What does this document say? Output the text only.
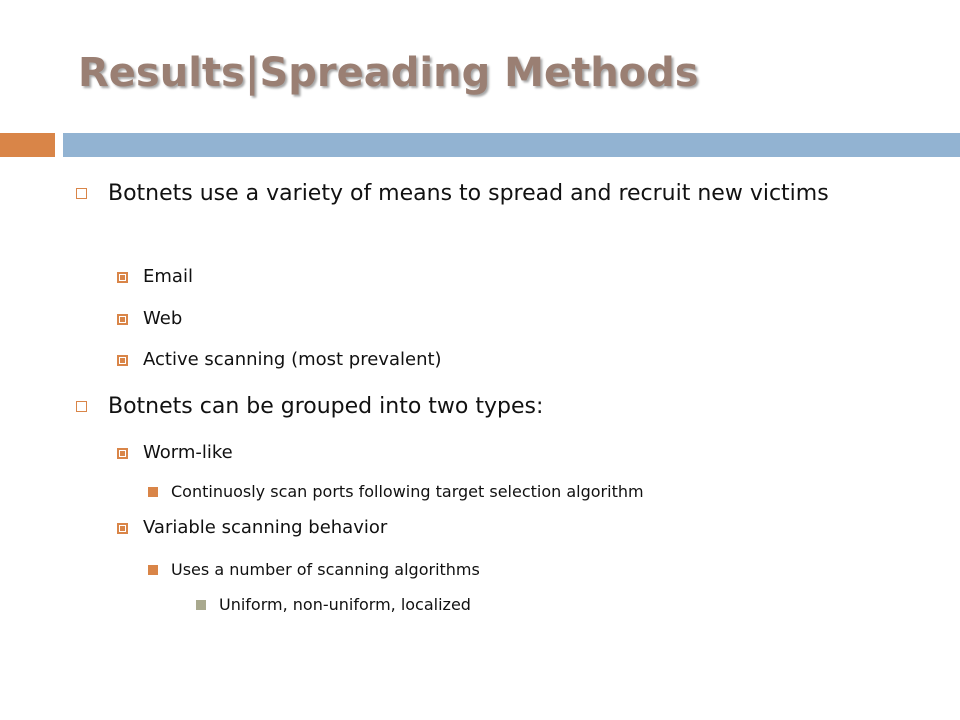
Results|Spreading Methods
Botnets use a variety of means to spread and recruit new victims
Email
Web
Active scanning (most prevalent)
Botnets can be grouped into two types:
Worm-like
Continuosly scan ports following target selection algorithm
Variable scanning behavior
Uses a number of scanning algorithms
Uniform, non-uniform, localized
